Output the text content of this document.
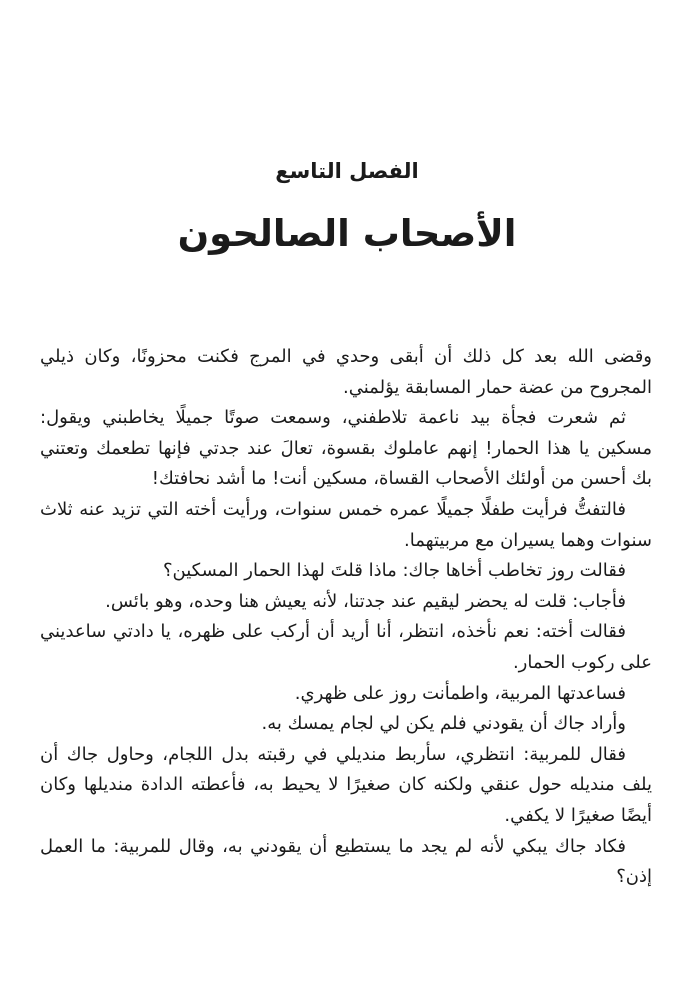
الفصل التاسع
الأصحاب الصالحون

وقضى الله بعد كل ذلك أن أبقى وحدي في المرج فكنت محزونًا، وكان ذيلي المجروح من عضة حمار المسابقة يؤلمني.

ثم شعرت فجأة بيد ناعمة تلاطفني، وسمعت صوتًا جميلًا يخاطبني ويقول: مسكين يا هذا الحمار! إنهم عاملوك بقسوة، تعالَ عند جدتي فإنها تطعمك وتعتني بك أحسن من أولئك الأصحاب القساة، مسكين أنت! ما أشد نحافتك!

فالتفتُّ فرأيت طفلًا جميلًا عمره خمس سنوات، ورأيت أخته التي تزيد عنه ثلاث سنوات وهما يسيران مع مربيتهما.

فقالت روز تخاطب أخاها جاك: ماذا قلتَ لهذا الحمار المسكين؟

فأجاب: قلت له يحضر ليقيم عند جدتنا، لأنه يعيش هنا وحده، وهو بائس.

فقالت أخته: نعم نأخذه، انتظر، أنا أريد أن أركب على ظهره، يا دادتي ساعديني على ركوب الحمار.

فساعدتها المربية، واطمأنت روز على ظهري.

وأراد جاك أن يقودني فلم يكن لي لجام يمسك به.

فقال للمربية: انتظري، سأربط منديلي في رقبته بدل اللجام، وحاول جاك أن يلف منديله حول عنقي ولكنه كان صغيرًا لا يحيط به، فأعطته الدادة منديلها وكان أيضًا صغيرًا لا يكفي.

فكاد جاك يبكي لأنه لم يجد ما يستطيع أن يقودني به، وقال للمربية: ما العمل إذن؟
